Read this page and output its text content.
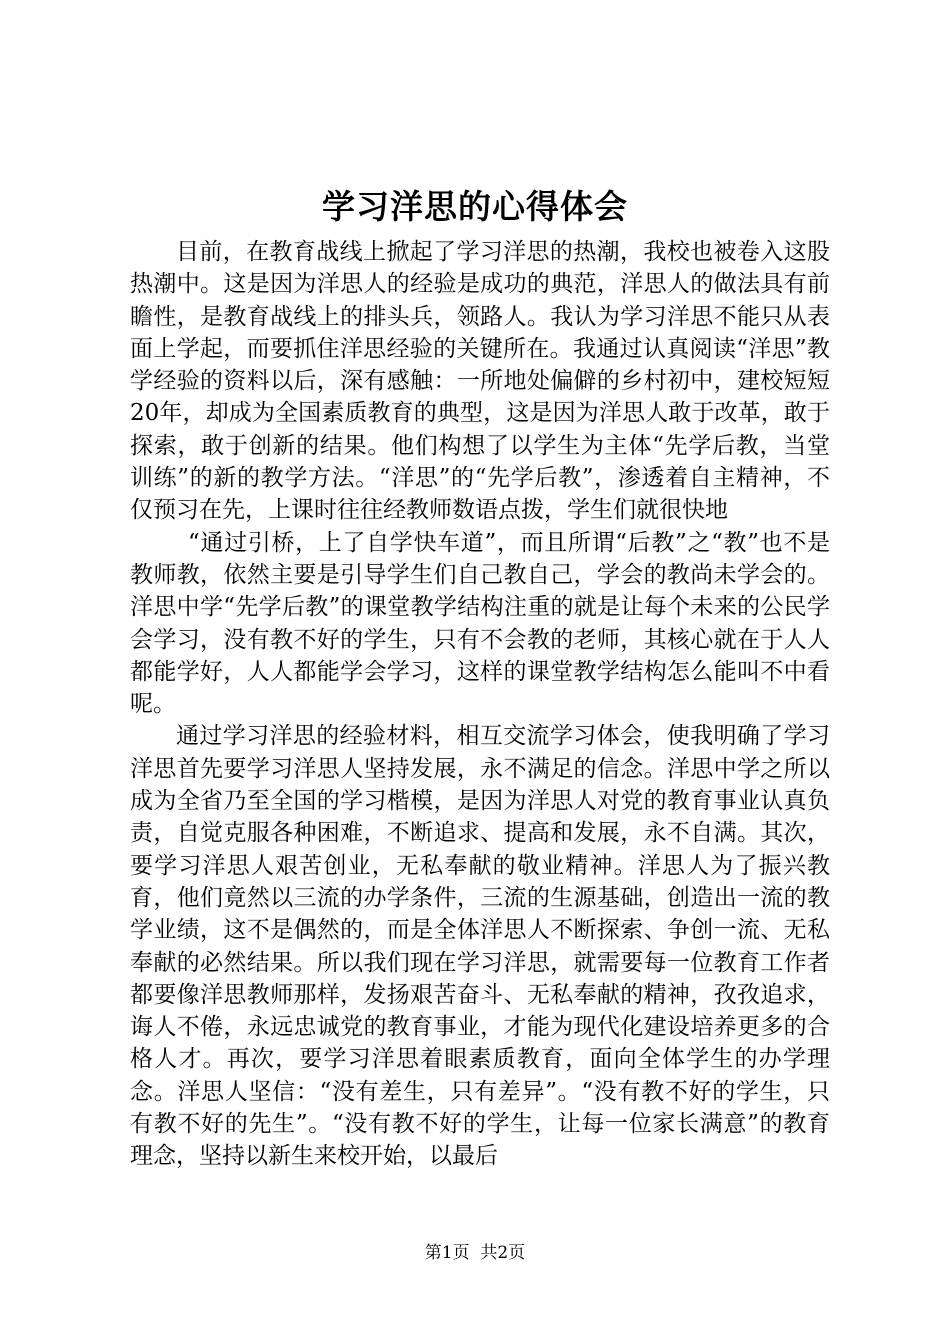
学习洋思的心得体会

目前，在教育战线上掀起了学习洋思的热潮，我校也被卷入这股热潮中。这是因为洋思人的经验是成功的典范，洋思人的做法具有前瞻性，是教育战线上的排头兵，领路人。我认为学习洋思不能只从表面上学起，而要抓住洋思经验的关键所在。我通过认真阅读“洋思”教学经验的资料以后，深有感触：一所地处偏僻的乡村初中，建校短短20年，却成为全国素质教育的典型，这是因为洋思人敢于改革，敢于探索，敢于创新的结果。他们构想了以学生为主体“先学后教，当堂训练”的新的教学方法。“洋思”的“先学后教”，渗透着自主精神，不仅预习在先，上课时往往经教师数语点拨，学生们就很快地

“通过引桥，上了自学快车道”，而且所谓“后教”之“教”也不是教师教，依然主要是引导学生们自己教自己，学会的教尚未学会的。洋思中学“先学后教”的课堂教学结构注重的就是让每个未来的公民学会学习，没有教不好的学生，只有不会教的老师，其核心就在于人人都能学好，人人都能学会学习，这样的课堂教学结构怎么能叫不中看呢。

通过学习洋思的经验材料，相互交流学习体会，使我明确了学习洋思首先要学习洋思人坚持发展，永不满足的信念。洋思中学之所以成为全省乃至全国的学习楷模，是因为洋思人对党的教育事业认真负责，自觉克服各种困难，不断追求、提高和发展，永不自满。其次，要学习洋思人艰苦创业，无私奉献的敬业精神。洋思人为了振兴教育，他们竟然以三流的办学条件，三流的生源基础，创造出一流的教学业绩，这不是偶然的，而是全体洋思人不断探索、争创一流、无私奉献的必然结果。所以我们现在学习洋思，就需要每一位教育工作者都要像洋思教师那样，发扬艰苦奋斗、无私奉献的精神，孜孜追求，诲人不倦，永远忠诚党的教育事业，才能为现代化建设培养更多的合格人才。再次，要学习洋思着眼素质教育，面向全体学生的办学理念。洋思人坚信：“没有差生，只有差异”。“没有教不好的学生，只有教不好的先生”。“没有教不好的学生，让每一位家长满意”的教育理念，坚持以新生来校开始，以最后

第1页  共2页
